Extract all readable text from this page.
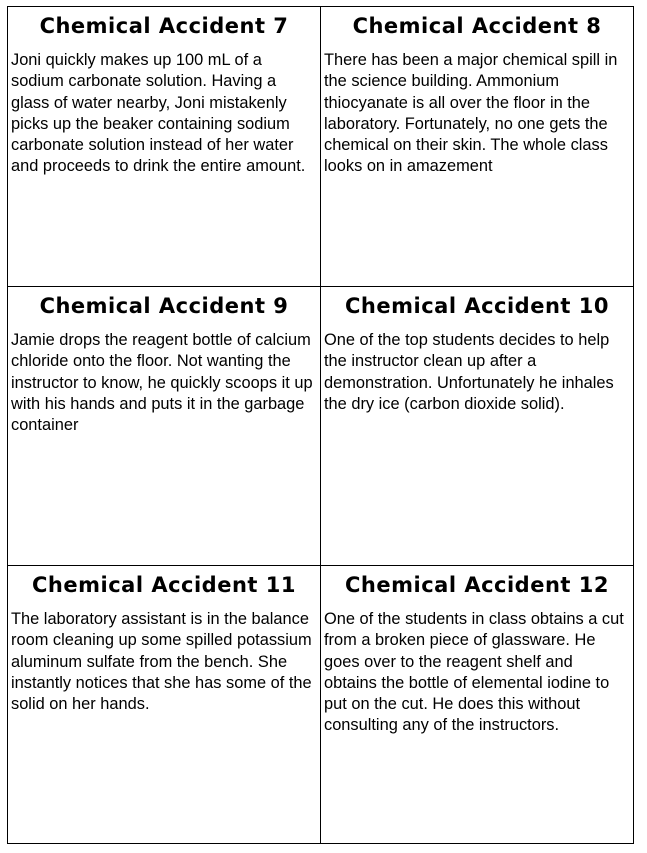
Chemical Accident 7
Joni quickly makes up 100 mL of a sodium carbonate solution. Having a glass of water nearby, Joni mistakenly picks up the beaker containing sodium carbonate solution instead of her water and proceeds to drink the entire amount.
Chemical Accident 8
There has been a major chemical spill in the science building. Ammonium thiocyanate is all over the floor in the laboratory. Fortunately, no one gets the chemical on their skin. The whole class looks on in amazement
Chemical Accident 9
Jamie drops the reagent bottle of calcium chloride onto the floor. Not wanting the instructor to know, he quickly scoops it up with his hands and puts it in the garbage container
Chemical Accident 10
One of the top students decides to help the instructor clean up after a demonstration. Unfortunately he inhales the dry ice (carbon dioxide solid).
Chemical Accident 11
The laboratory assistant is in the balance room cleaning up some spilled potassium aluminum sulfate from the bench. She instantly notices that she has some of the solid on her hands.
Chemical Accident 12
One of the students in class obtains a cut from a broken piece of glassware. He goes over to the reagent shelf and obtains the bottle of elemental iodine to put on the cut. He does this without consulting any of the instructors.
